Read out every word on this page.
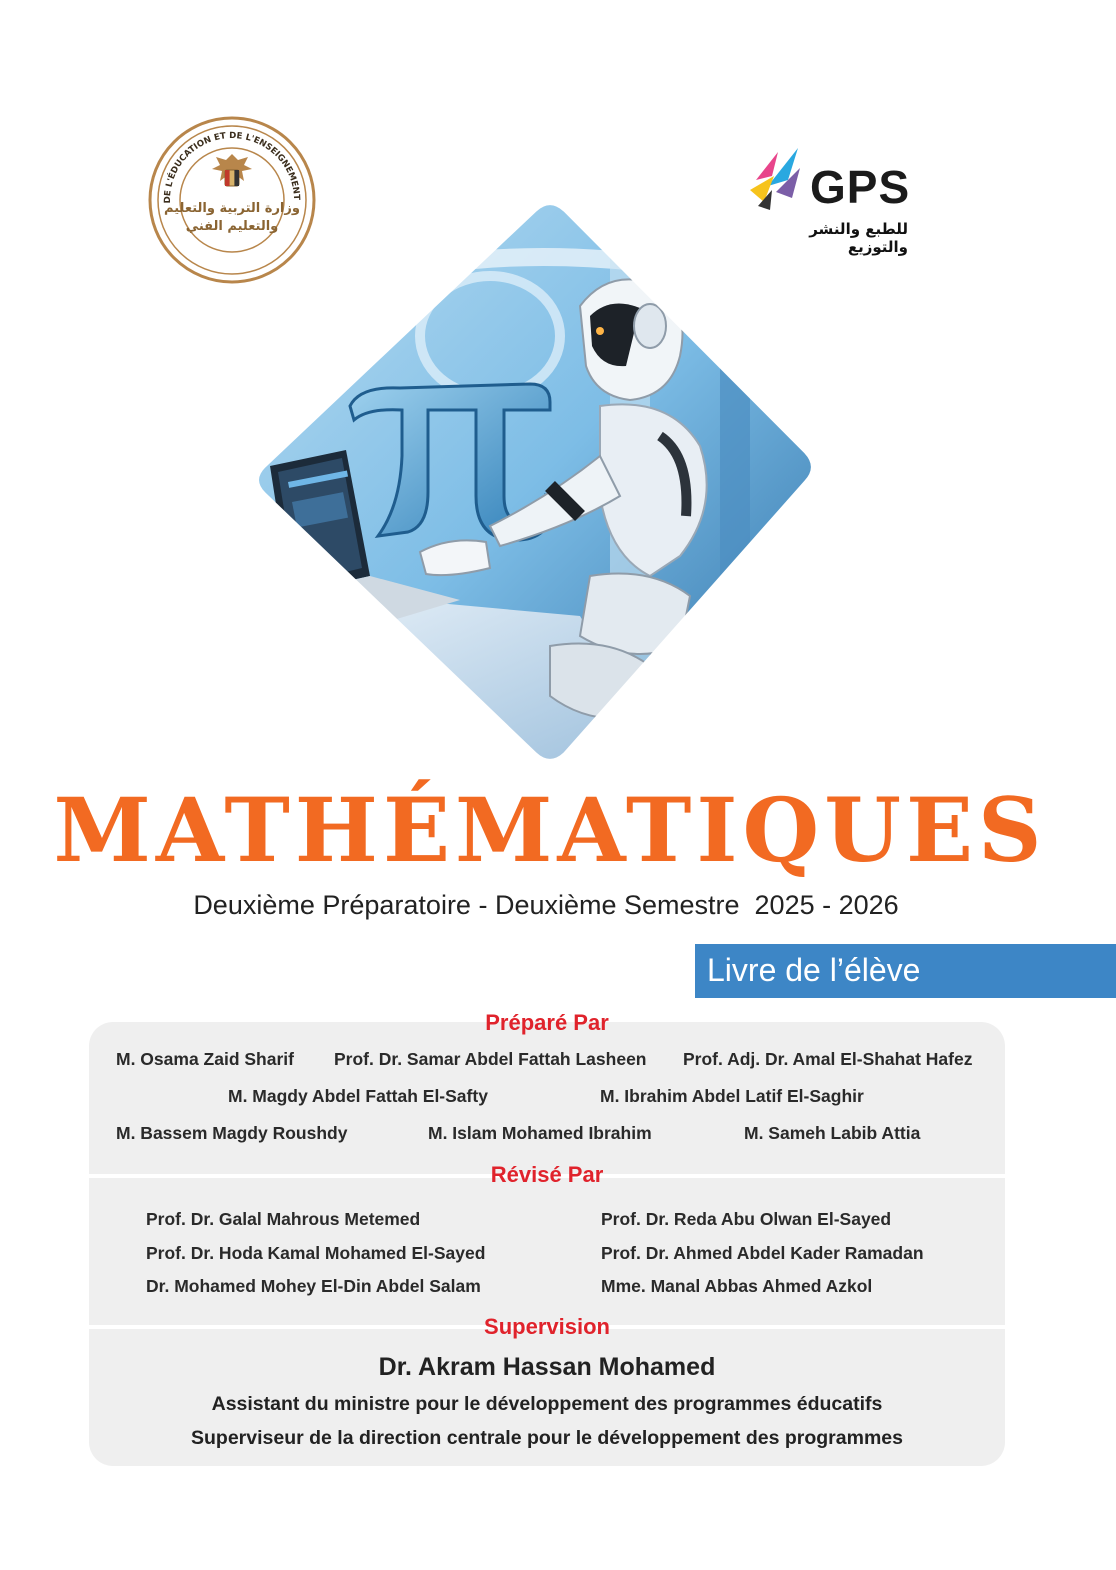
DE L'ÉDUCATION ET DE L'ENSEIGNEMENT
وزارة التربية والتعليم
والتعليم الفني
GPS
للطبع والنشر والتوزيع
MATHÉMATIQUES
Deuxième Préparatoire - Deuxième Semestre  2025 - 2026
Livre de l’élève
Préparé Par
M. Osama Zaid Sharif Prof. Dr. Samar Abdel Fattah Lasheen Prof. Adj. Dr. Amal El-Shahat Hafez
M. Magdy Abdel Fattah El-Safty	M. Ibrahim Abdel Latif El-Saghir
M. Bassem Magdy Roushdy	M. Islam Mohamed Ibrahim	M. Sameh Labib Attia
Révisé Par
Prof. Dr. Galal Mahrous Metemed	Prof. Dr. Reda Abu Olwan El-Sayed
Prof. Dr. Hoda Kamal Mohamed El-Sayed	Prof. Dr. Ahmed Abdel Kader Ramadan
Dr. Mohamed Mohey El-Din Abdel Salam	Mme. Manal Abbas Ahmed Azkol
Supervision
Dr. Akram Hassan Mohamed
Assistant du ministre pour le développement des programmes éducatifs
Superviseur de la direction centrale pour le développement des programmes
